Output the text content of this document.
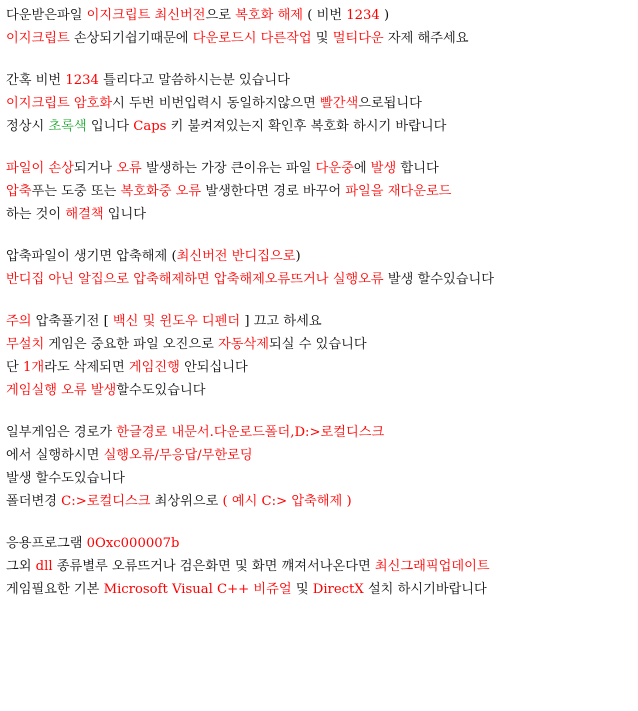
다운받은파일 이지크립트 최신버전으로 복호화 해제 ( 비번 1234 )
이지크립트 손상되기쉽기때문에 다운로드시 다른작업 및 멀티다운 자제 해주세요
간혹 비번 1234 틀리다고 말씀하시는분 있습니다
이지크립트 암호화시 두번 비번입력시 동일하지않으면 빨간색으로됩니다
정상시 초록색 입니다 Caps 키 불켜져있는지 확인후 복호화 하시기 바랍니다
파일이 손상되거나 오류 발생하는 가장 큰이유는 파일 다운중에 발생 합니다
압축푸는 도중 또는 복호화중 오류 발생한다면 경로 바꾸어 파일을 재다운로드
하는 것이 해결책 입니다
압축파일이 생기면 압축해제 (최신버전 반디집으로)
반디집 아닌 알집으로 압축해제하면 압축해제오류뜨거나 실행오류 발생 할수있습니다
주의 압축풀기전 [ 백신 및 윈도우 디펜더 ] 끄고 하세요
무설치 게임은 중요한 파일 오진으로 자동삭제되실 수 있습니다
단 1개라도 삭제되면 게임진행 안되십니다
게임실행 오류 발생할수도있습니다
일부게임은 경로가 한글경로 내문서.다운로드폴더,D:>로컬디스크
에서 실행하시면 실행오류/무응답/무한로딩
발생 할수도있습니다
폴더변경 C:>로컬디스크 최상위으로 ( 예시 C:> 압축해제 )
응용프로그램 0Oxc000007b
그외 dll 종류별루 오류뜨거나 검은화면 및 화면 꺠져서나온다면 최신그래픽업데이트
게임필요한 기본 Microsoft Visual C++ 비쥬얼 및 DirectX 설치 하시기바랍니다
